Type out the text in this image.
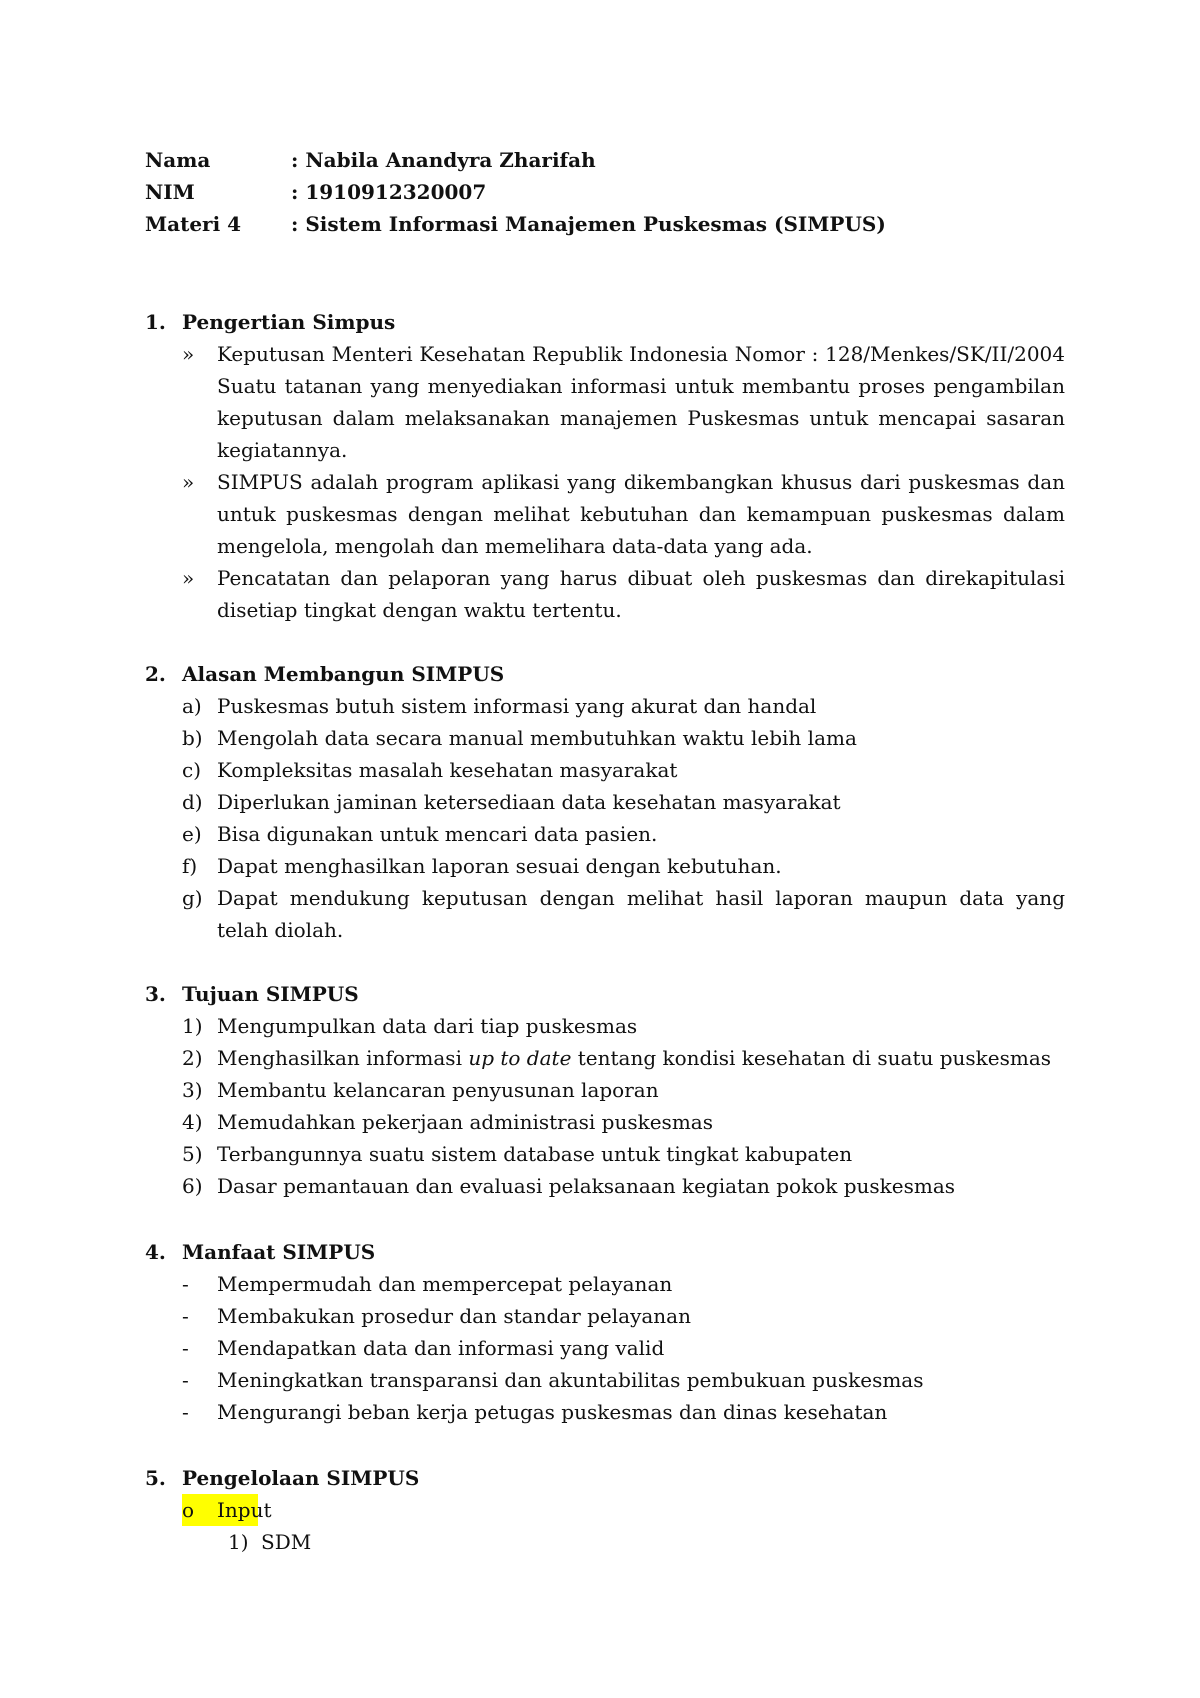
Nama	: Nabila Anandyra Zharifah
NIM	: 1910912320007
Materi 4 : Sistem Informasi Manajemen Puskesmas (SIMPUS)
1. Pengertian Simpus
» Keputusan Menteri Kesehatan Republik Indonesia Nomor : 128/Menkes/SK/II/2004 Suatu tatanan yang menyediakan informasi untuk membantu proses pengambilan keputusan dalam melaksanakan manajemen Puskesmas untuk mencapai sasaran kegiatannya.
» SIMPUS adalah program aplikasi yang dikembangkan khusus dari puskesmas dan untuk puskesmas dengan melihat kebutuhan dan kemampuan puskesmas dalam mengelola, mengolah dan memelihara data-data yang ada.
» Pencatatan dan pelaporan yang harus dibuat oleh puskesmas dan direkapitulasi disetiap tingkat dengan waktu tertentu.
2. Alasan Membangun SIMPUS
a) Puskesmas butuh sistem informasi yang akurat dan handal
b) Mengolah data secara manual membutuhkan waktu lebih lama
c) Kompleksitas masalah kesehatan masyarakat
d) Diperlukan jaminan ketersediaan data kesehatan masyarakat
e) Bisa digunakan untuk mencari data pasien.
f) Dapat menghasilkan laporan sesuai dengan kebutuhan.
g) Dapat mendukung keputusan dengan melihat hasil laporan maupun data yang telah diolah.
3. Tujuan SIMPUS
1) Mengumpulkan data dari tiap puskesmas
2) Menghasilkan informasi up to date tentang kondisi kesehatan di suatu puskesmas
3) Membantu kelancaran penyusunan laporan
4) Memudahkan pekerjaan administrasi puskesmas
5) Terbangunnya suatu sistem database untuk tingkat kabupaten
6) Dasar pemantauan dan evaluasi pelaksanaan kegiatan pokok puskesmas
4. Manfaat SIMPUS
- Mempermudah dan mempercepat pelayanan
- Membakukan prosedur dan standar pelayanan
- Mendapatkan data dan informasi yang valid
- Meningkatkan transparansi dan akuntabilitas pembukuan puskesmas
- Mengurangi beban kerja petugas puskesmas dan dinas kesehatan
5. Pengelolaan SIMPUS
o Input
1) SDM
